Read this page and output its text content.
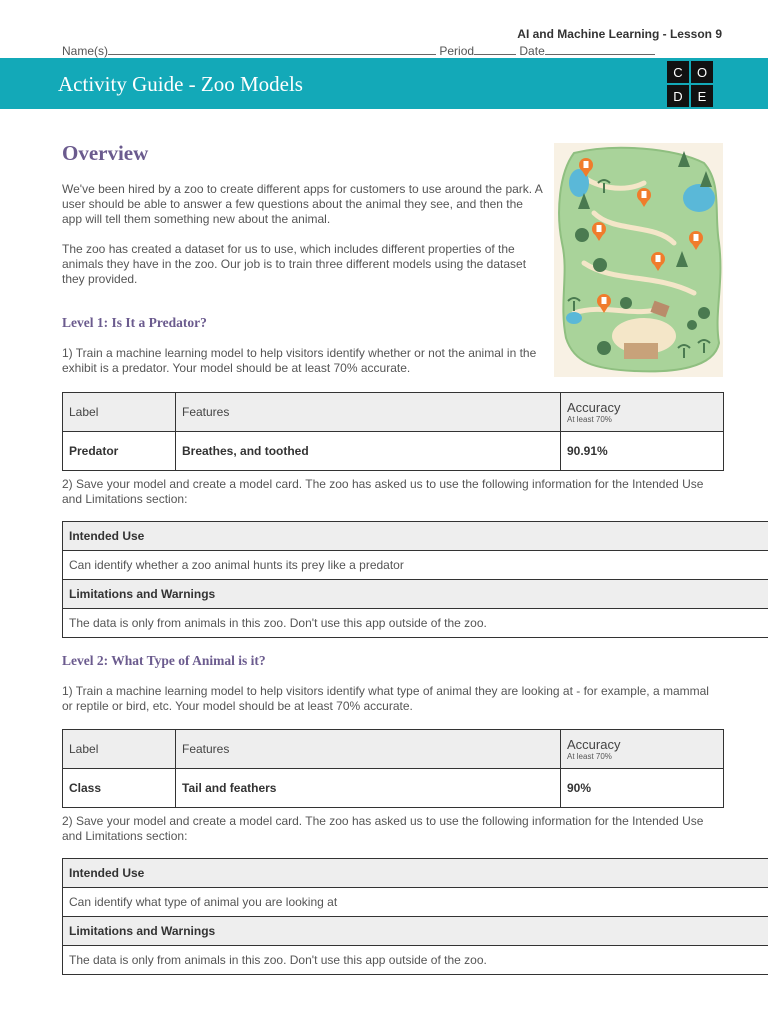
AI and Machine Learning - Lesson 9
Name(s)	Period	Date
Activity Guide - Zoo Models	C	O
D	E
Overview

We've been hired by a zoo to create different apps for customers to use around the park. A user should be able to answer a few questions about the animal they see, and then the app will tell them something new about the animal.

The zoo has created a dataset for us to use, which includes different properties of the animals they have in the zoo. Our job is to train three different models using the dataset they provided.

Level 1: Is It a Predator?

1) Train a machine learning model to help visitors identify whether or not the animal in the exhibit is a predator. Your model should be at least 70% accurate.

Label	Features	Accuracy
At least 70%

Predator	Breathes, and toothed	90.91%

2) Save your model and create a model card. The zoo has asked us to use the following information for the Intended Use and Limitations section:

Intended Use
Can identify whether a zoo animal hunts its prey like a predator
Limitations and Warnings
The data is only from animals in this zoo. Don't use this app outside of the zoo.
Level 2: What Type of Animal is it?

1) Train a machine learning model to help visitors identify what type of animal they are looking at - for example, a mammal or reptile or bird, etc. Your model should be at least 70% accurate.

Label	Features	Accuracy
At least 70%

Class	Tail and feathers	90%

2) Save your model and create a model card. The zoo has asked us to use the following information for the Intended Use and Limitations section:

Intended Use
Can identify what type of animal you are looking at
Limitations and Warnings
The data is only from animals in this zoo. Don't use this app outside of the zoo.
